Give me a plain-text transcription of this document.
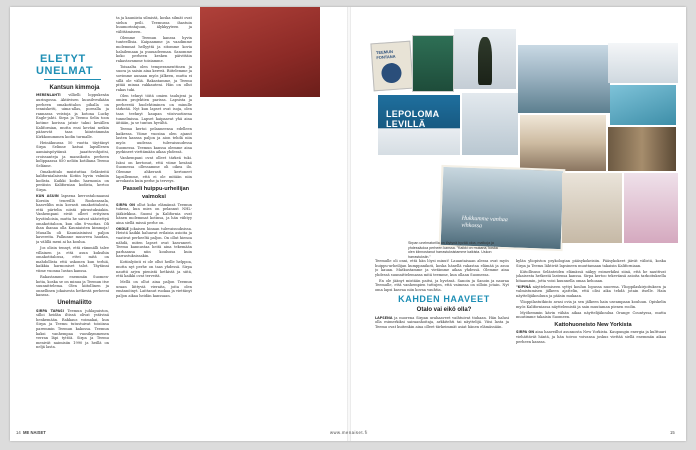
ELETYT UNELMAT

Kantsun kimmoja

MERENLAHTI villielli loppukesän auringossa. Aktiivisen kuusilvesikään perheen omakotitalon pihalla on tennisketti, uima-allas, porealla ja rannassa veistoja ja kotona Lucky Eagle-jahti. Sirpa ja Teemu Selin toon kotime korissa jatnir takui kesällen Kalifornian, mutta ensi keväni neikin pääsevät taas kiinteämmän Kirkkonummen kodin turmalle.

Heinäkuussa 50 vuotta täyttänyt Sirpa Selinne katsai lapsillesen aamiaispöytänsä jaaattovohjoitsi, croissanteja ja mansikoita perheen kolippaassa 850 neliön kotiliana Teemu Selänne.

Omakotitalo muistuttaa Selänteitä kalifornialaisesta Kotiin hyvin valmiin kodista. Kaikki kodin harmonia on peräisin Kalifornian kodista, kertoo Sirpa.

KUN ASUIN lapsena kerrostalonaanni Korsiin tenreillä Rookeassala, haavelilin mia kovasti omakotitalosta, että pärtelin niistä piirustuksiakin. Vanhempani eivät olleet erityisen hyvätuloisia, mutta he saivat säästettyä omakotitaloon, kun olin 8-vuotias. Oli ihan ihanaa olla Kauniaisten kimmoja! Muualla oli Kauniaisinissi paljon kavereita. Palkunne muuveva haudan, ja välillä meni ai ha koulua.

Jos olisin tennyt, että rämmälli talee villainen ja että asun kuksihin omakotitalossa, ettei mitä on mahdollista että uskonen kun terhiä, kaikkia harmoniset talot. Täytänni viime vuonna lustan kanssa.

Rakastamme enemmän Suomen- kotia, koska se on minua ja Teemun itse suunnittelema. Olen kiitollinen ja onnellinen jokaisesta hetkestä perheeni kanssa.

Unelmaliitto

SIRPA TAPASI Teemun juhlapuiston, silloi heidän iltissä olivat ystävinä henkemään. Rakkaus voimakai, kun Sirpa ja Teemu tutustuivat toisiinsa paremmin Teemun kakossa. Teemun kaksi vanhempaa vuosikymmenen verran läpi tyttöä. Sirpa ja Teemu menivät naimisiin 1990 ja heillä on neljä lasta.

ta ja kauniista silmistä, koska silmät ovat sielun peili. Teemussa ihastuin huumorintajuun, älykkyyteen ja välittämiseen.

Olemme Teemun kanssa hyvin tunteellisia. Kaipaamme ja vaadimme molemmat hellyyttä ja sitomme kovia halailemaan ja puuuadeeman. Sanomme koko perheen kesken päivittäin rakastavamme toisiamme.

Toisaalta olen temperamenttinen ja suora ja saisin aina kerreä. Riitelemme ja sovimme aunaan myös jälkeen, mutta ei sillä ole väliä. Rakastamme, ja Teemu pitää minua rakkauteni. Hän on ollut rakas tuki.

Olen tehnyt töitä omien taulujeni ja omien projektien parissa. Lapsista ja perheestä huolehtiminen on minulle tärkeää. Nyt kun lapset ovat isoja, olen taas teehnyt kaupan viisivuotisena tunnelmissa. Lapset kaipaavat yhä aina äitiään, ja se tuntuu hyvältä.

Teemu kertoi pelanneensa edelleen kaikessa. Viime vuosina olen ajanut lasten kanssa paljon ja aion tehdä niin myös uudessa tulevaisuudessa Suomessa. Teemun kanssa olemme aina pyrkineet viettämään aikaa yhdessä.

Vanhempani ovat olleet tärkeä tuki. Isäni on kertonut, että viime kesänä Suomessa ollessamme oli oikea ilo. Olemme ahkerasti kertoneet lapsillemme, että ei ole mitään niin arvokasta kuin perhe ja terveys.

Passeli huippu-urheilijan vaimoksi

SIRPA ON ollut koko elämänsä Teemun tukena, kun mies on pelannut NHL-jääkiekkoa. Suomi ja Kalifornia ovat hänen molemmat kotinsa, ja hän viihtyy aina siellä missä perhe on.

OKOLE jokaisen hinnan tulevaisuuksissa. Heistä kaikki haluavat erilaisia asioita ja vaativat perheeltä paljon. On ollut hienoa nähdä, miten lapset ovat kasvaneet. Teemu kannustaa heitä aina tekemään parhaansa niin koulussa kuin harrastuksissakin.

Kotiinlyönti ei ole ollut heille helppoa, mutta nyt perhe on taas yhdessä. Sirpa nauttii arjen pienistä hetkistä ja siitä, että kaikki ovat terveitä.

Mellä on ollut aina paljon Teemun uraan liittyviä vieraita, joita olen emännöinyt. Laittanut ruokaa ja viettänyt paljon aikaa heidän kanssaan.

TEEMUN
FONTANA
LEPOLOMA
LEVILLÄ
Hukkumme vanhaa
vihkossa
Sirpan unelmatorilla on löytynä hyvää oloa, matkoja ja yhdessäoloa perheen kanssa. "Kaikki on mukana, koska olen kiinnostanut harrastuksistamme kaikista. Uskon harrastuksiin."

Teemulle oli onni, että hän löysi minut! Lauantaisaan alessa ovat myös huippu-urheilijan kumppanikoti, koska hänellä rakastaa elämää ja asuu jo kauan. Matkustamme ja vietämme aikaa yhdessä. Olemme aina yhdessä suunnittelemassa mitä teemme, kun ollaan Suomessa.

En ole jäänyt mistään paitsi, ja hyvässä. Sanoin ja Sanoin ja nauraa Teemulle, että vanhempien tuttujen, että vaimeaa on silloin jotain. Nyt oma lapsi kasvaa niin kovaa vauhtia.

KAHDEN HAAVEET

Otalo vai eikö olla?

LAPSENA ja nuorena Sirpan urahaaveet vaihtuivat tiuhaan. Hän halusi olla esimerkiksi sairaanhoitaja, arkkitehti tai näyttelijä. Viisi lasta ja Teemu ovat kuitenkin aina olleet tärkeimmät asiat hänen elämässään.

kylän yliopiston psykologian pääsykokeisiin. Pääsykokeet jäivät välistä, koska Sirpa ja Teemu lähtivät lapsineen muuttamaan takaisin Kaliforniaan.

Kiitollisuus Selänteiden elämässä näkyy esimerkiksi siinä, että he nauttivat jokaisesta hetkestä lastensa kanssa. Sirpa kertoo tekevänsä asioita tarkoituksella hitaammin, jotta voisi kuunnella omaa kehoaan.

"KIPINÄ näyttelemiseen syttyi koulun lopussa nuorena. Ylioppilaskirjoituksen ja valmistumisen jälkeen ajattelin, että olisi aika tehdä jotain itselle. Hain näyttelijäkouluun ja pääsin mukaan.

Ylioppilastutkinto avasi ovia ja sen jälkeen hain useampaan kouluun. Opiskelin myös Kaliforniassa näyttelemistä ja sain muutaman pienen roolin.

Myöhemmin kävin vähän aikaa näyttelijäkoulua Orange Countyssa, mutta muutimme takaisin Suomeen.

Kattohuoneisto New Yorkista

SIRPA ON aina haaveillut asunnosta New Yorkista. Kaupungin energia ja kulttuuri viehättävät häntä, ja hän toivoo voivansa joskus viettää siellä enemmän aikaa perheen kanssa.

14 ME NAISET	www.menaiset.fi	15
